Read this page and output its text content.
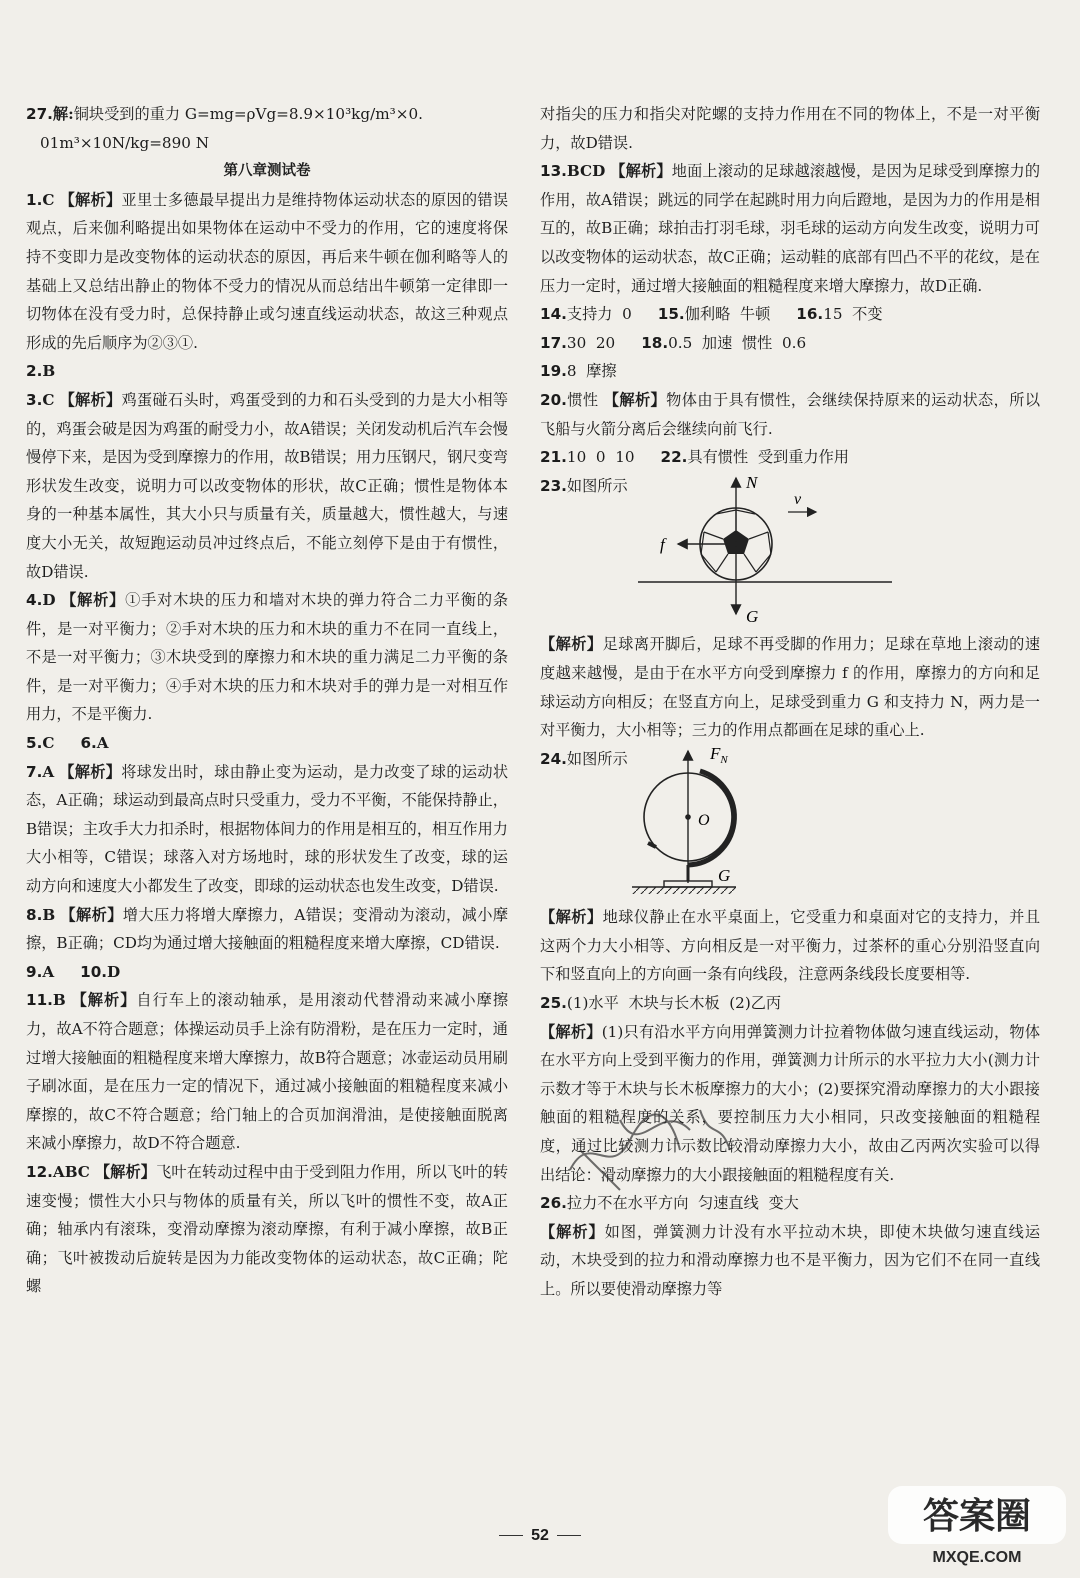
27.解:铜块受到的重力 G=mg=ρVg=8.9×10³kg/m³×0.
01m³×10N/kg=890 N

第八章测试卷

1.C 【解析】亚里士多德最早提出力是维持物体运动状态的原因的错误观点，后来伽利略提出如果物体在运动中不受力的作用，它的速度将保持不变即力是改变物体的运动状态的原因，再后来牛顿在伽利略等人的基础上又总结出静止的物体不受力的情况从而总结出牛顿第一定律即一切物体在没有受力时，总保持静止或匀速直线运动状态，故这三种观点形成的先后顺序为②③①.

2.B

3.C 【解析】鸡蛋碰石头时，鸡蛋受到的力和石头受到的力是大小相等的，鸡蛋会破是因为鸡蛋的耐受力小，故A错误；关闭发动机后汽车会慢慢停下来，是因为受到摩擦力的作用，故B错误；用力压钢尺，钢尺变弯形状发生改变，说明力可以改变物体的形状，故C正确；惯性是物体本身的一种基本属性，其大小只与质量有关，质量越大，惯性越大，与速度大小无关，故短跑运动员冲过终点后，不能立刻停下是由于有惯性，故D错误.

4.D 【解析】①手对木块的压力和墙对木块的弹力符合二力平衡的条件，是一对平衡力；②手对木块的压力和木块的重力不在同一直线上，不是一对平衡力；③木块受到的摩擦力和木块的重力满足二力平衡的条件，是一对平衡力；④手对木块的压力和木块对手的弹力是一对相互作用力，不是平衡力.

5.C 6.A

7.A 【解析】将球发出时，球由静止变为运动，是力改变了球的运动状态，A正确；球运动到最高点时只受重力，受力不平衡，不能保持静止，B错误；主攻手大力扣杀时，根据物体间力的作用是相互的，相互作用力大小相等，C错误；球落入对方场地时，球的形状发生了改变，球的运动方向和速度大小都发生了改变，即球的运动状态也发生改变，D错误.

8.B 【解析】增大压力将增大摩擦力，A错误；变滑动为滚动，减小摩擦，B正确；CD均为通过增大接触面的粗糙程度来增大摩擦，CD错误.

9.A 10.D

11.B 【解析】自行车上的滚动轴承，是用滚动代替滑动来减小摩擦力，故A不符合题意；体操运动员手上涂有防滑粉，是在压力一定时，通过增大接触面的粗糙程度来增大摩擦力，故B符合题意；冰壶运动员用刷子刷冰面，是在压力一定的情况下，通过减小接触面的粗糙程度来减小摩擦的，故C不符合题意；给门轴上的合页加润滑油，是使接触面脱离来减小摩擦力，故D不符合题意.

12.ABC 【解析】飞叶在转动过程中由于受到阻力作用，所以飞叶的转速变慢；惯性大小只与物体的质量有关，所以飞叶的惯性不变，故A正确；轴承内有滚珠，变滑动摩擦为滚动摩擦，有利于减小摩擦，故B正确；飞叶被拨动后旋转是因为力能改变物体的运动状态，故C正确；陀螺

对指尖的压力和指尖对陀螺的支持力作用在不同的物体上，不是一对平衡力，故D错误.

13.BCD 【解析】地面上滚动的足球越滚越慢，是因为足球受到摩擦力的作用，故A错误；跳远的同学在起跳时用力向后蹬地，是因为力的作用是相互的，故B正确；球拍击打羽毛球，羽毛球的运动方向发生改变，说明力可以改变物体的运动状态，故C正确；运动鞋的底部有凹凸不平的花纹，是在压力一定时，通过增大接触面的粗糙程度来增大摩擦力，故D正确.

14.支持力  0 15.伽利略  牛顿 16.15  不变

17.30  20 18.0.5  加速  惯性  0.6

19.8  摩擦

20.惯性 【解析】物体由于具有惯性，会继续保持原来的运动状态，所以飞船与火箭分离后会继续向前飞行.

21.10  0  10 22.具有惯性  受到重力作用

23.如图所示	N
v
f
G

【解析】足球离开脚后，足球不再受脚的作用力；足球在草地上滚动的速度越来越慢，是由于在水平方向受到摩擦力 f 的作用，摩擦力的方向和足球运动方向相反；在竖直方向上，足球受到重力 G 和支持力 N，两力是一对平衡力，大小相等；三力的作用点都画在足球的重心上.

24.如图所示	$F_N$
O
G

【解析】地球仪静止在水平桌面上，它受重力和桌面对它的支持力，并且这两个力大小相等、方向相反是一对平衡力，过茶杯的重心分别沿竖直向下和竖直向上的方向画一条有向线段，注意两条线段长度要相等.

25.(1)水平  木块与长木板  (2)乙丙

【解析】(1)只有沿水平方向用弹簧测力计拉着物体做匀速直线运动，物体在水平方向上受到平衡力的作用，弹簧测力计所示的水平拉力大小(测力计示数才等于木块与长木板摩擦力的大小；(2)要探究滑动摩擦力的大小跟接触面的粗糙程度的关系，要控制压力大小相同，只改变接触面的粗糙程度，通过比较测力计示数比较滑动摩擦力大小，故由乙丙两次实验可以得出结论：滑动摩擦力的大小跟接触面的粗糙程度有关.

26.拉力不在水平方向  匀速直线  变大

【解析】如图，弹簧测力计没有水平拉动木块，即使木块做匀速直线运动，木块受到的拉力和滑动摩擦力也不是平衡力，因为它们不在同一直线上。所以要使滑动摩擦力等

52	答案圈
MXQE.COM
